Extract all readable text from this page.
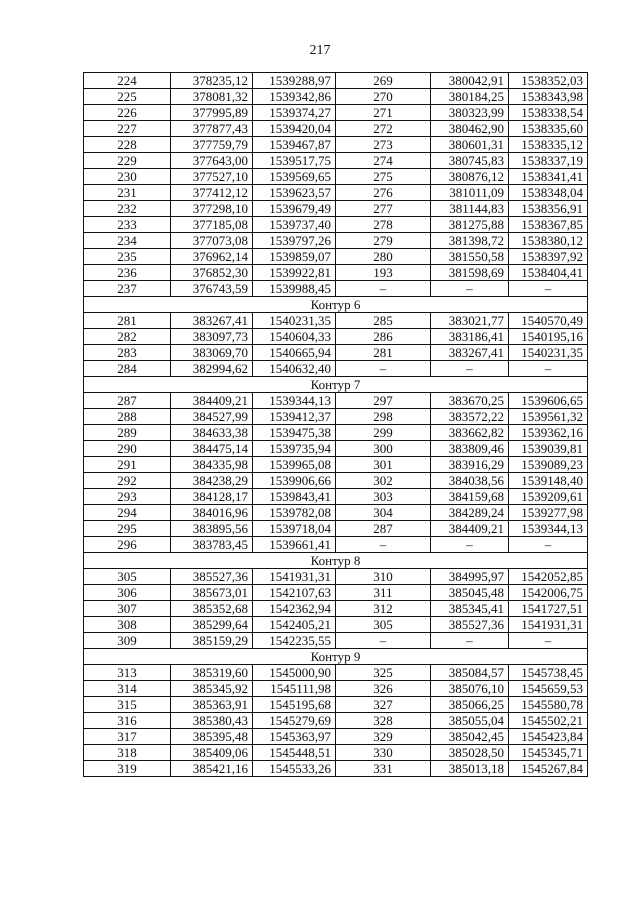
217
224	378235,12	1539288,97	269	380042,91	1538352,03
225	378081,32	1539342,86	270	380184,25	1538343,98
226	377995,89	1539374,27	271	380323,99	1538338,54
227	377877,43	1539420,04	272	380462,90	1538335,60
228	377759,79	1539467,87	273	380601,31	1538335,12
229	377643,00	1539517,75	274	380745,83	1538337,19
230	377527,10	1539569,65	275	380876,12	1538341,41
231	377412,12	1539623,57	276	381011,09	1538348,04
232	377298,10	1539679,49	277	381144,83	1538356,91
233	377185,08	1539737,40	278	381275,88	1538367,85
234	377073,08	1539797,26	279	381398,72	1538380,12
235	376962,14	1539859,07	280	381550,58	1538397,92
236	376852,30	1539922,81	193	381598,69	1538404,41
237	376743,59	1539988,45	–	–	–
Контур 6					
281	383267,41	1540231,35	285	383021,77	1540570,49
282	383097,73	1540604,33	286	383186,41	1540195,16
283	383069,70	1540665,94	281	383267,41	1540231,35
284	382994,62	1540632,40	–	–	–
Контур 7					
287	384409,21	1539344,13	297	383670,25	1539606,65
288	384527,99	1539412,37	298	383572,22	1539561,32
289	384633,38	1539475,38	299	383662,82	1539362,16
290	384475,14	1539735,94	300	383809,46	1539039,81
291	384335,98	1539965,08	301	383916,29	1539089,23
292	384238,29	1539906,66	302	384038,56	1539148,40
293	384128,17	1539843,41	303	384159,68	1539209,61
294	384016,96	1539782,08	304	384289,24	1539277,98
295	383895,56	1539718,04	287	384409,21	1539344,13
296	383783,45	1539661,41	–	–	–
Контур 8					
305	385527,36	1541931,31	310	384995,97	1542052,85
306	385673,01	1542107,63	311	385045,48	1542006,75
307	385352,68	1542362,94	312	385345,41	1541727,51
308	385299,64	1542405,21	305	385527,36	1541931,31
309	385159,29	1542235,55	–	–	–
Контур 9					
313	385319,60	1545000,90	325	385084,57	1545738,45
314	385345,92	1545111,98	326	385076,10	1545659,53
315	385363,91	1545195,68	327	385066,25	1545580,78
316	385380,43	1545279,69	328	385055,04	1545502,21
317	385395,48	1545363,97	329	385042,45	1545423,84
318	385409,06	1545448,51	330	385028,50	1545345,71
319	385421,16	1545533,26	331	385013,18	1545267,84
